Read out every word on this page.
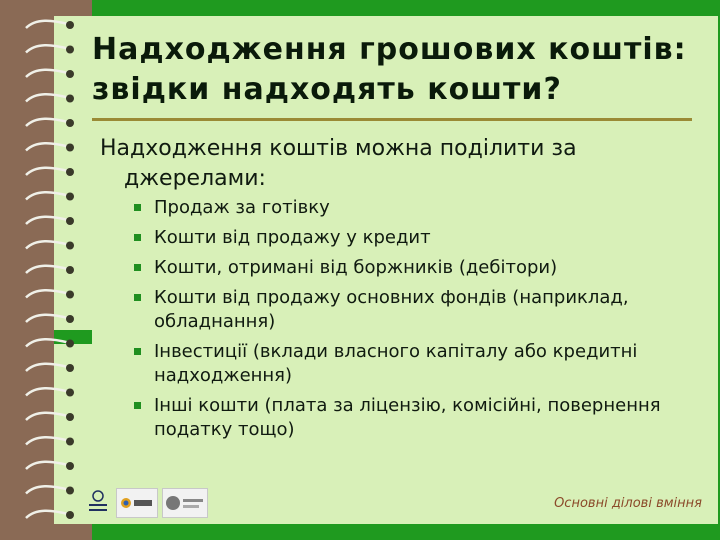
Надходження грошових коштів: звідки надходять кошти?

Надходження коштів можна поділити за джерелами:

Продаж за готівку
Кошти від продажу у кредит
Кошти, отримані від боржників (дебітори)
Кошти від продажу основних фондів (наприклад, обладнання)
Інвестиції (вклади власного капіталу або кредитні надходження)
Інші кошти (плата за ліцензію, комісійні, повернення податку тощо)
Основні ділові вміння
